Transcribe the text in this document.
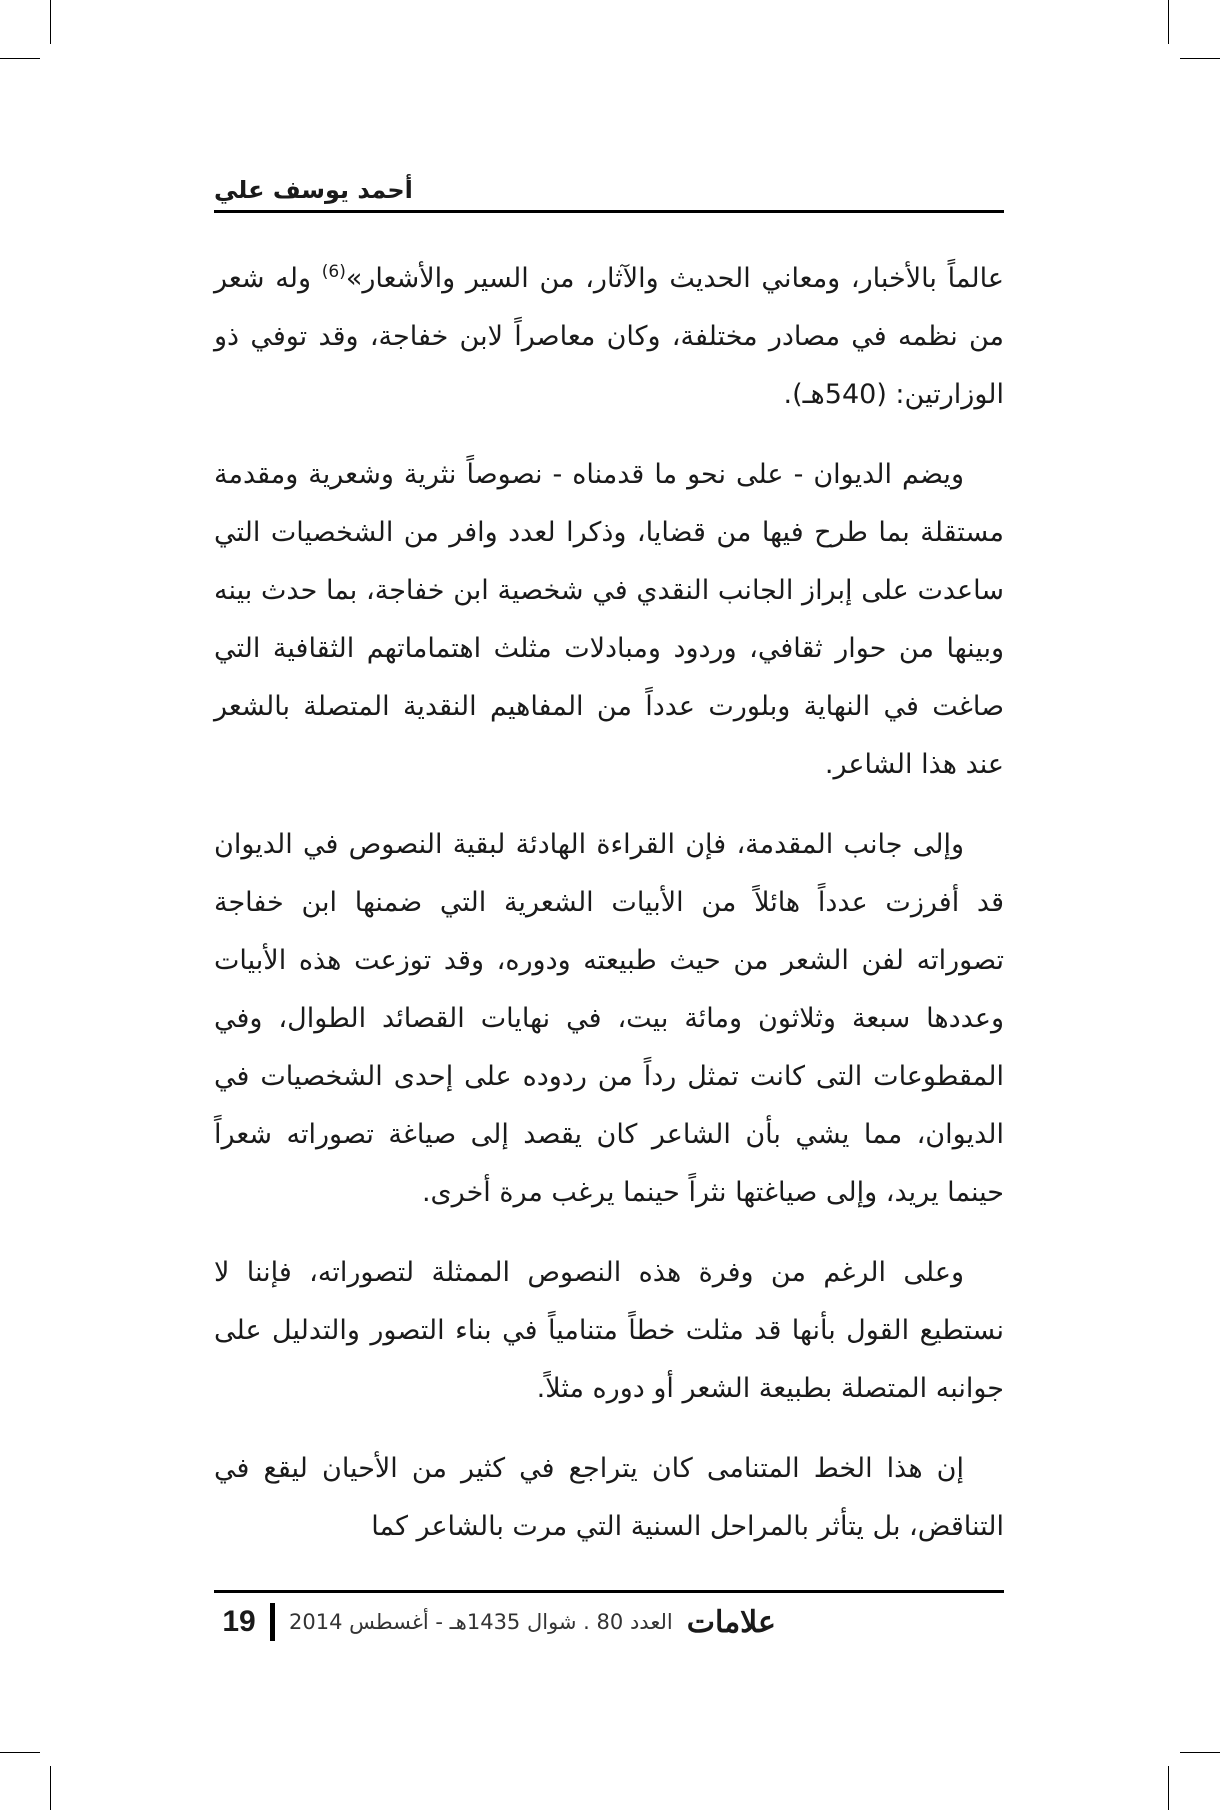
أحمد يوسف علي

عالماً بالأخبار، ومعاني الحديث والآثار، من السير والأشعار»$^{(6)}$ وله شعر من نظمه في مصادر مختلفة، وكان معاصراً لابن خفاجة، وقد توفي ذو الوزارتين: (540هـ).

ويضم الديوان - على نحو ما قدمناه - نصوصاً نثرية وشعرية ومقدمة مستقلة بما طرح فيها من قضايا، وذكرا لعدد وافر من الشخصيات التي ساعدت على إبراز الجانب النقدي في شخصية ابن خفاجة، بما حدث بينه وبينها من حوار ثقافي، وردود ومبادلات مثلث اهتماماتهم الثقافية التي صاغت في النهاية وبلورت عدداً من المفاهيم النقدية المتصلة بالشعر عند هذا الشاعر.

وإلى جانب المقدمة، فإن القراءة الهادئة لبقية النصوص في الديوان قد أفرزت عدداً هائلاً من الأبيات الشعرية التي ضمنها ابن خفاجة تصوراته لفن الشعر من حيث طبيعته ودوره، وقد توزعت هذه الأبيات وعددها سبعة وثلاثون ومائة بيت، في نهايات القصائد الطوال، وفي المقطوعات التى كانت تمثل رداً من ردوده على إحدى الشخصيات في الديوان، مما يشي بأن الشاعر كان يقصد إلى صياغة تصوراته شعراً حينما يريد، وإلى صياغتها نثراً حينما يرغب مرة أخرى.

وعلى الرغم من وفرة هذه النصوص الممثلة لتصوراته، فإننا لا نستطيع القول بأنها قد مثلت خطاً متنامياً في بناء التصور والتدليل على جوانبه المتصلة بطبيعة الشعر أو دوره مثلاً.

إن هذا الخط المتنامى كان يتراجع في كثير من الأحيان ليقع في التناقض، بل يتأثر بالمراحل السنية التي مرت بالشاعر كما

19	العدد 80 . شوال 1435هـ - أغسطس 2014 علامات
